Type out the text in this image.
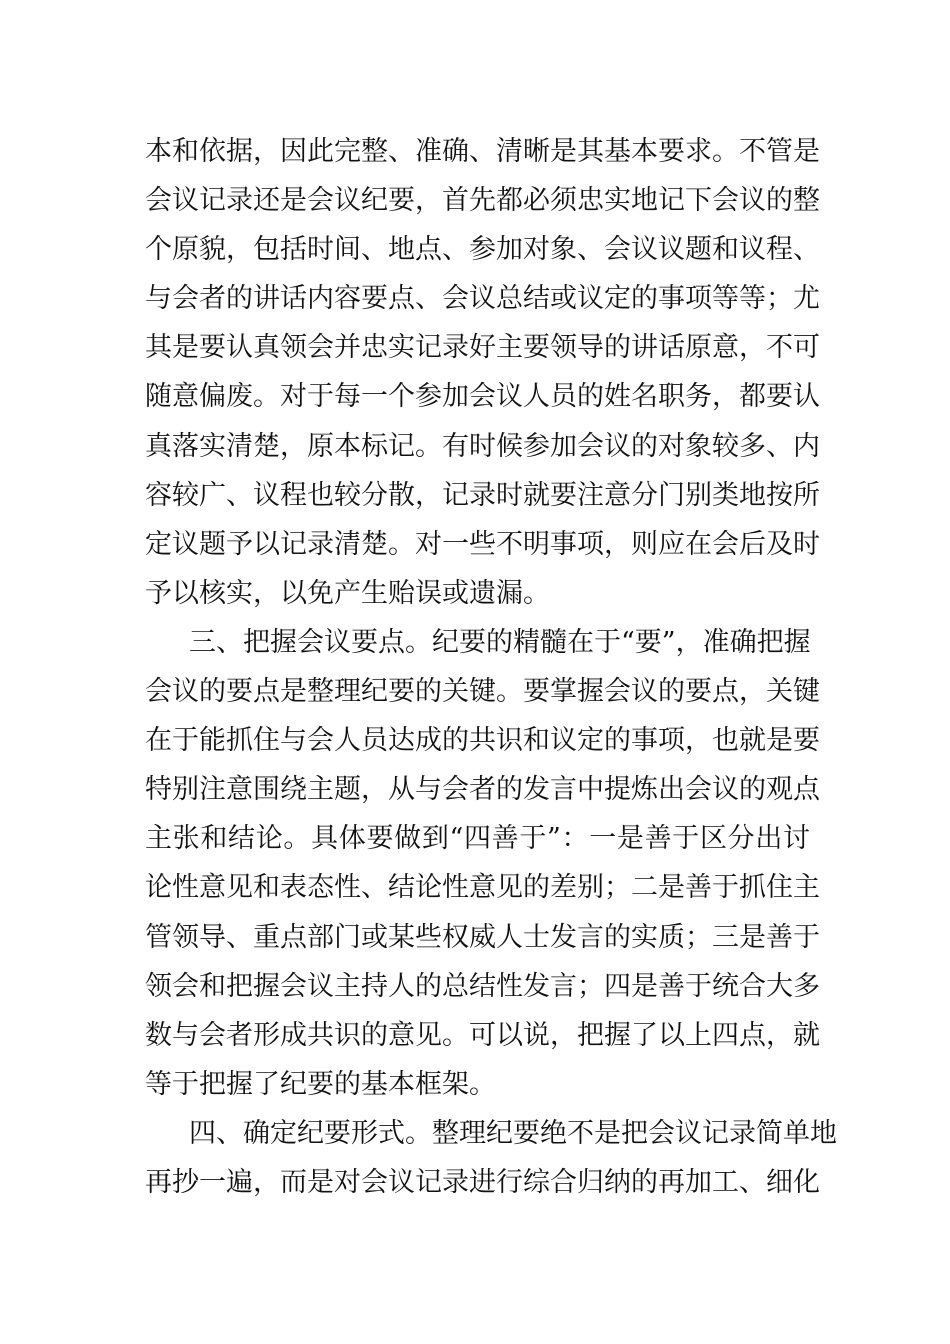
本和依据，因此完整、准确、清晰是其基本要求。不管是
会议记录还是会议纪要，首先都必须忠实地记下会议的整
个原貌，包括时间、地点、参加对象、会议议题和议程、
与会者的讲话内容要点、会议总结或议定的事项等等；尤
其是要认真领会并忠实记录好主要领导的讲话原意，不可
随意偏废。对于每一个参加会议人员的姓名职务，都要认
真落实清楚，原本标记。有时候参加会议的对象较多、内
容较广、议程也较分散，记录时就要注意分门别类地按所
定议题予以记录清楚。对一些不明事项，则应在会后及时
予以核实，以免产生贻误或遗漏。
三、把握会议要点。纪要的精髓在于“要”，准确把握
会议的要点是整理纪要的关键。要掌握会议的要点，关键
在于能抓住与会人员达成的共识和议定的事项，也就是要
特别注意围绕主题，从与会者的发言中提炼出会议的观点
主张和结论。具体要做到“四善于”：一是善于区分出讨
论性意见和表态性、结论性意见的差别；二是善于抓住主
管领导、重点部门或某些权威人士发言的实质；三是善于
领会和把握会议主持人的总结性发言；四是善于统合大多
数与会者形成共识的意见。可以说，把握了以上四点，就
等于把握了纪要的基本框架。
四、确定纪要形式。整理纪要绝不是把会议记录简单地
再抄一遍，而是对会议记录进行综合归纳的再加工、细化
